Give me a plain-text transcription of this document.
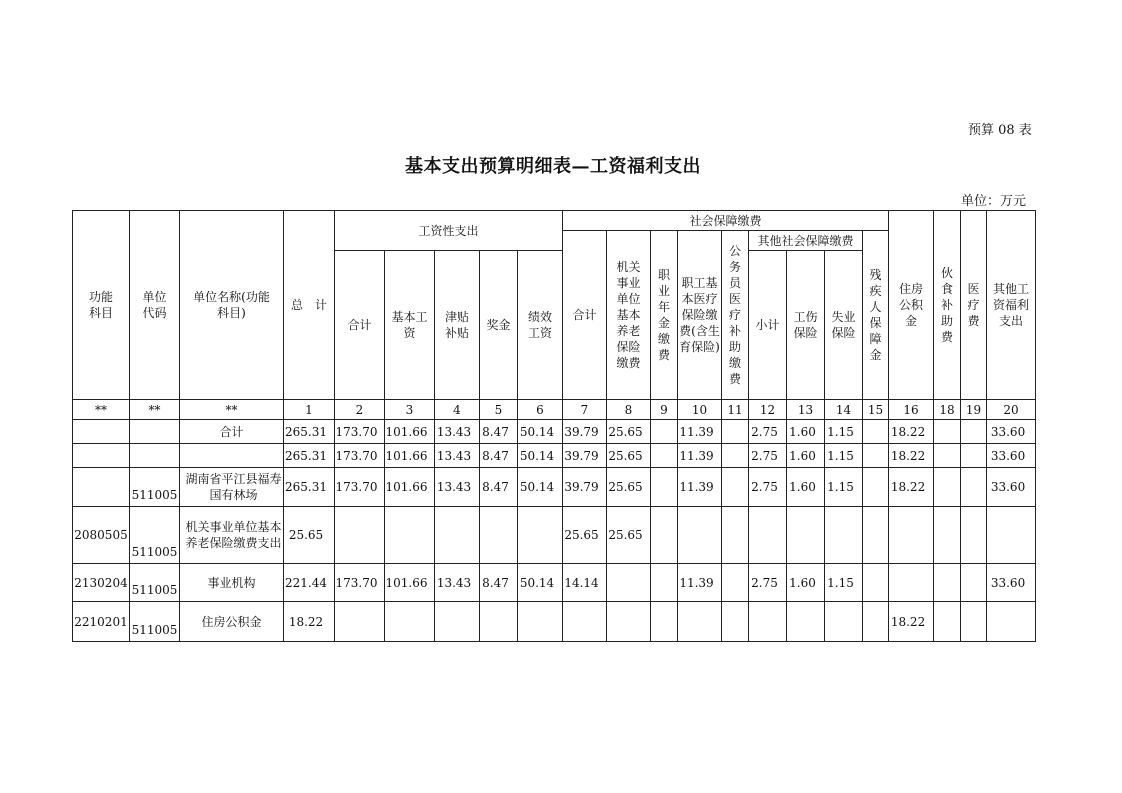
预算 08 表
基本支出预算明细表—工资福利支出
单位：万元
功能科目	单位代码	单位名称(功能科目)	总　计	工资性支出					社会保障缴费									住房公积金	伙食补助费	医疗费	其他工资福利支出
									合计	机关事业单位基本养老保险缴费	职业年金缴费	职工基本医疗保险缴费(含生育保险)	公务员医疗补助缴费	其他社会保障缴费			残疾人保障金				
				合计	基本工资	津贴补贴	奖金	绩效工资						小计	工伤保险	失业保险					

**	**	**	1	2	3	4	5	6	7	8	9	10	11	12	13	14	15	16	18	19	20
		合计	265.31	173.70	101.66	13.43	8.47	50.14	39.79	25.65		11.39		2.75	1.60	1.15		18.22			33.60
			265.31	173.70	101.66	13.43	8.47	50.14	39.79	25.65		11.39		2.75	1.60	1.15		18.22			33.60
	511005	湖南省平江县福寿国有林场	265.31	173.70	101.66	13.43	8.47	50.14	39.79	25.65		11.39		2.75	1.60	1.15		18.22			33.60
2080505	511005	机关事业单位基本养老保险缴费支出	25.65						25.65	25.65											
2130204	511005	事业机构	221.44	173.70	101.66	13.43	8.47	50.14	14.14			11.39		2.75	1.60	1.15					33.60
2210201	511005	住房公积金	18.22															18.22			
